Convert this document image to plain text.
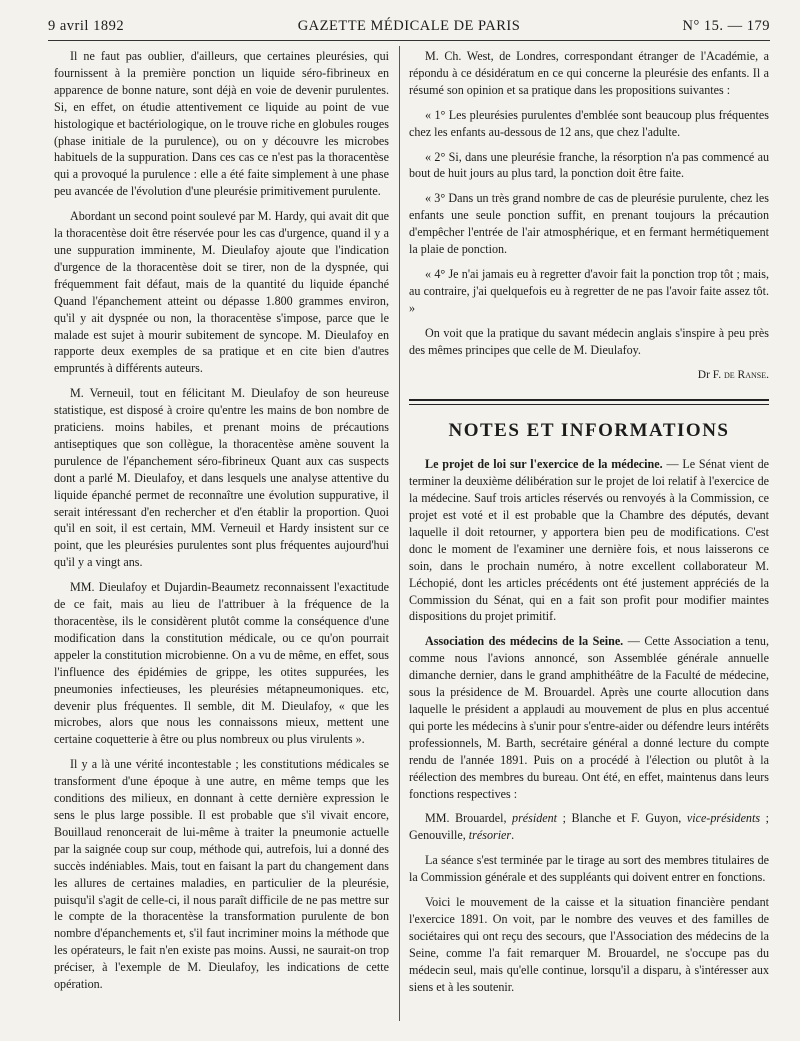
9 avril 1892	GAZETTE MÉDICALE DE PARIS	N° 15. — 179

Il ne faut pas oublier, d'ailleurs, que certaines pleurésies, qui fournissent à la première ponction un liquide séro-fibrineux en apparence de bonne nature, sont déjà en voie de devenir purulentes. Si, en effet, on étudie attentivement ce liquide au point de vue histologique et bactériologique, on le trouve riche en globules rouges (phase initiale de la purulence), ou on y découvre les microbes habituels de la suppuration. Dans ces cas ce n'est pas la thoracentèse qui a provoqué la purulence : elle a été faite simplement à une phase peu avancée de l'évolution d'une pleurésie primitivement purulente.

Abordant un second point soulevé par M. Hardy, qui avait dit que la thoracentèse doit être réservée pour les cas d'urgence, quand il y a une suppuration imminente, M. Dieulafoy ajoute que l'indication d'urgence de la thoracentèse doit se tirer, non de la dyspnée, qui fréquemment fait défaut, mais de la quantité du liquide épanché Quand l'épanchement atteint ou dépasse 1.800 grammes environ, qu'il y ait dyspnée ou non, la thoracentèse s'impose, parce que le malade est sujet à mourir subitement de syncope. M. Dieulafoy en rapporte deux exemples de sa pratique et en cite bien d'autres empruntés à différents auteurs.

M. Verneuil, tout en félicitant M. Dieulafoy de son heureuse statistique, est disposé à croire qu'entre les mains de bon nombre de praticiens. moins habiles, et prenant moins de précautions antiseptiques que son collègue, la thoracentèse amène souvent la purulence de l'épanchement séro-fibrineux Quant aux cas suspects dont a parlé M. Dieulafoy, et dans lesquels une analyse attentive du liquide épanché permet de reconnaître une évolution suppurative, il serait intéressant d'en rechercher et d'en établir la proportion. Quoi qu'il en soit, il est certain, MM. Verneuil et Hardy insistent sur ce point, que les pleurésies purulentes sont plus fréquentes aujourd'hui qu'il y a vingt ans.

MM. Dieulafoy et Dujardin-Beaumetz reconnaissent l'exactitude de ce fait, mais au lieu de l'attribuer à la fréquence de la thoracentèse, ils le considèrent plutôt comme la conséquence d'une modification dans la constitution médicale, ou ce qu'on pourrait appeler la constitution microbienne. On a vu de même, en effet, sous l'influence des épidémies de grippe, les otites suppurées, les pneumonies infectieuses, les pleurésies métapneumoniques. etc, devenir plus fréquentes. Il semble, dit M. Dieulafoy, « que les microbes, alors que nous les connaissons mieux, mettent une certaine coquetterie à être ou plus nombreux ou plus virulents ».

Il y a là une vérité incontestable ; les constitutions médicales se transforment d'une époque à une autre, en même temps que les conditions des milieux, en donnant à cette dernière expression le sens le plus large possible. Il est probable que s'il vivait encore, Bouillaud renoncerait de lui-même à traiter la pneumonie actuelle par la saignée coup sur coup, méthode qui, autrefois, lui a donné des succès indéniables. Mais, tout en faisant la part du changement dans les allures de certaines maladies, en particulier de la pleurésie, puisqu'il s'agit de celle-ci, il nous paraît difficile de ne pas mettre sur le compte de la thoracentèse la transformation purulente de bon nombre d'épanchements et, s'il faut incriminer moins la méthode que les opérateurs, le fait n'en existe pas moins. Aussi, ne saurait-on trop préciser, à l'exemple de M. Dieulafoy, les indications de cette opération.

M. Ch. West, de Londres, correspondant étranger de l'Académie, a répondu à ce désidératum en ce qui concerne la pleurésie des enfants. Il a résumé son opinion et sa pratique dans les propositions suivantes :

« 1° Les pleurésies purulentes d'emblée sont beaucoup plus fréquentes chez les enfants au-dessous de 12 ans, que chez l'adulte.

« 2° Si, dans une pleurésie franche, la résorption n'a pas commencé au bout de huit jours au plus tard, la ponction doit être faite.

« 3° Dans un très grand nombre de cas de pleurésie purulente, chez les enfants une seule ponction suffit, en prenant toujours la précaution d'empêcher l'entrée de l'air atmosphérique, et en fermant hermétiquement la plaie de ponction.

« 4° Je n'ai jamais eu à regretter d'avoir fait la ponction trop tôt ; mais, au contraire, j'ai quelquefois eu à regretter de ne pas l'avoir faite assez tôt. »

On voit que la pratique du savant médecin anglais s'inspire à peu près des mêmes principes que celle de M. Dieulafoy.

Dr F. de Ranse.

NOTES ET INFORMATIONS

Le projet de loi sur l'exercice de la médecine. — Le Sénat vient de terminer la deuxième délibération sur le projet de loi relatif à l'exercice de la médecine. Sauf trois articles réservés ou renvoyés à la Commission, ce projet est voté et il est probable que la Chambre des députés, devant laquelle il doit retourner, y apportera bien peu de modifications. C'est donc le moment de l'examiner une dernière fois, et nous laisserons ce soin, dans le prochain numéro, à notre excellent collaborateur M. Léchopié, dont les articles précédents ont été justement appréciés de la Commission du Sénat, qui en a fait son profit pour modifier maintes dispositions du projet primitif.

Association des médecins de la Seine. — Cette Association a tenu, comme nous l'avions annoncé, son Assemblée générale annuelle dimanche dernier, dans le grand amphithéâtre de la Faculté de médecine, sous la présidence de M. Brouardel. Après une courte allocution dans laquelle le président a applaudi au mouvement de plus en plus accentué qui porte les médecins à s'unir pour s'entre-aider ou défendre leurs intérêts professionnels, M. Barth, secrétaire général a donné lecture du compte rendu de l'année 1891. Puis on a procédé à l'élection ou plutôt à la réélection des membres du bureau. Ont été, en effet, maintenus dans leurs fonctions respectives :

MM. Brouardel, président ; Blanche et F. Guyon, vice-présidents ; Genouville, trésorier.

La séance s'est terminée par le tirage au sort des membres titulaires de la Commission générale et des suppléants qui doivent entrer en fonctions.

Voici le mouvement de la caisse et la situation financière pendant l'exercice 1891. On voit, par le nombre des veuves et des familles de sociétaires qui ont reçu des secours, que l'Association des médecins de la Seine, comme l'a fait remarquer M. Brouardel, ne s'occupe pas du médecin seul, mais qu'elle continue, lorsqu'il a disparu, à s'intéresser aux siens et à les soutenir.
